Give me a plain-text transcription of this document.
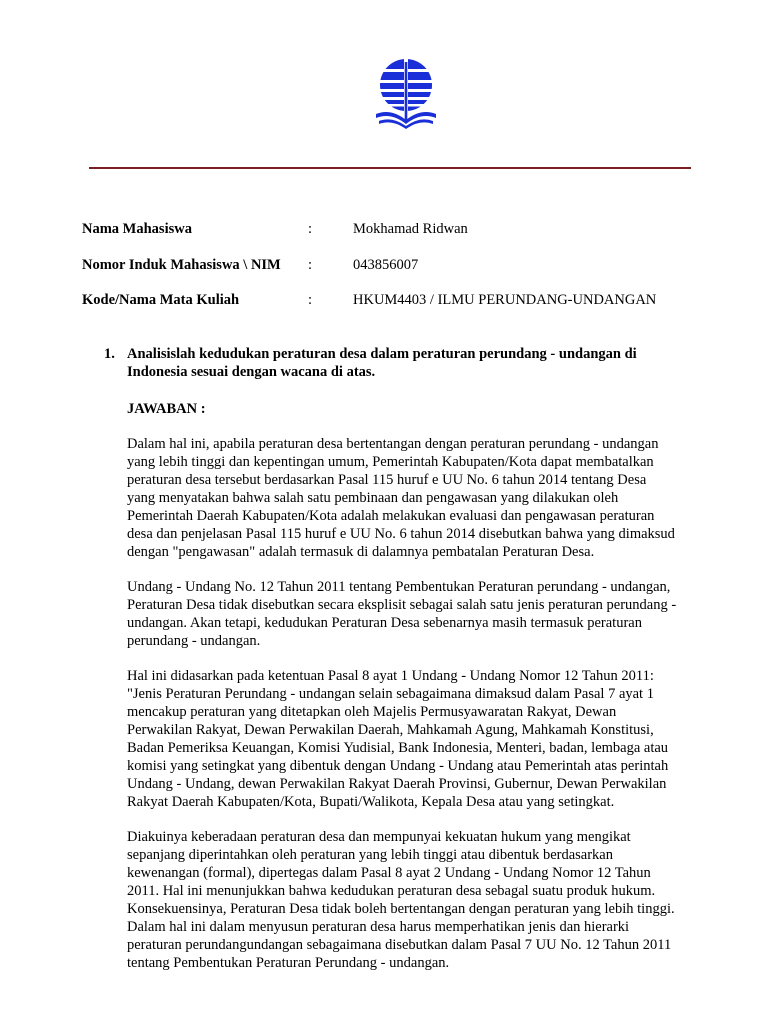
Nama Mahasiswa	:	Mokhamad Ridwan
Nomor Induk Mahasiswa \ NIM :	043856007
Kode/Nama Mata Kuliah	:	HKUM4403 / ILMU PERUNDANG-UNDANGAN
1. Analisislah kedudukan peraturan desa dalam peraturan perundang - undangan di
Indonesia sesuai dengan wacana di atas.
JAWABAN :
Dalam hal ini, apabila peraturan desa bertentangan dengan peraturan perundang - undangan
yang lebih tinggi dan kepentingan umum, Pemerintah Kabupaten/Kota dapat membatalkan
peraturan desa tersebut berdasarkan Pasal 115 huruf e UU No. 6 tahun 2014 tentang Desa
yang menyatakan bahwa salah satu pembinaan dan pengawasan yang dilakukan oleh
Pemerintah Daerah Kabupaten/Kota adalah melakukan evaluasi dan pengawasan peraturan
desa dan penjelasan Pasal 115 huruf e UU No. 6 tahun 2014 disebutkan bahwa yang dimaksud
dengan "pengawasan" adalah termasuk di dalamnya pembatalan Peraturan Desa.
Undang - Undang No. 12 Tahun 2011 tentang Pembentukan Peraturan perundang - undangan,
Peraturan Desa tidak disebutkan secara eksplisit sebagai salah satu jenis peraturan perundang -
undangan. Akan tetapi, kedudukan Peraturan Desa sebenarnya masih termasuk peraturan
perundang - undangan.
Hal ini didasarkan pada ketentuan Pasal 8 ayat 1 Undang - Undang Nomor 12 Tahun 2011:
"Jenis Peraturan Perundang - undangan selain sebagaimana dimaksud dalam Pasal 7 ayat 1
mencakup peraturan yang ditetapkan oleh Majelis Permusyawaratan Rakyat, Dewan
Perwakilan Rakyat, Dewan Perwakilan Daerah, Mahkamah Agung, Mahkamah Konstitusi,
Badan Pemeriksa Keuangan, Komisi Yudisial, Bank Indonesia, Menteri, badan, lembaga atau
komisi yang setingkat yang dibentuk dengan Undang - Undang atau Pemerintah atas perintah
Undang - Undang, dewan Perwakilan Rakyat Daerah Provinsi, Gubernur, Dewan Perwakilan
Rakyat Daerah Kabupaten/Kota, Bupati/Walikota, Kepala Desa atau yang setingkat.
Diakuinya keberadaan peraturan desa dan mempunyai kekuatan hukum yang mengikat
sepanjang diperintahkan oleh peraturan yang lebih tinggi atau dibentuk berdasarkan
kewenangan (formal), dipertegas dalam Pasal 8 ayat 2 Undang - Undang Nomor 12 Tahun
2011. Hal ini menunjukkan bahwa kedudukan peraturan desa sebagal suatu produk hukum.
Konsekuensinya, Peraturan Desa tidak boleh bertentangan dengan peraturan yang lebih tinggi.
Dalam hal ini dalam menyusun peraturan desa harus memperhatikan jenis dan hierarki
peraturan perundangundangan sebagaimana disebutkan dalam Pasal 7 UU No. 12 Tahun 2011
tentang Pembentukan Peraturan Perundang - undangan.
